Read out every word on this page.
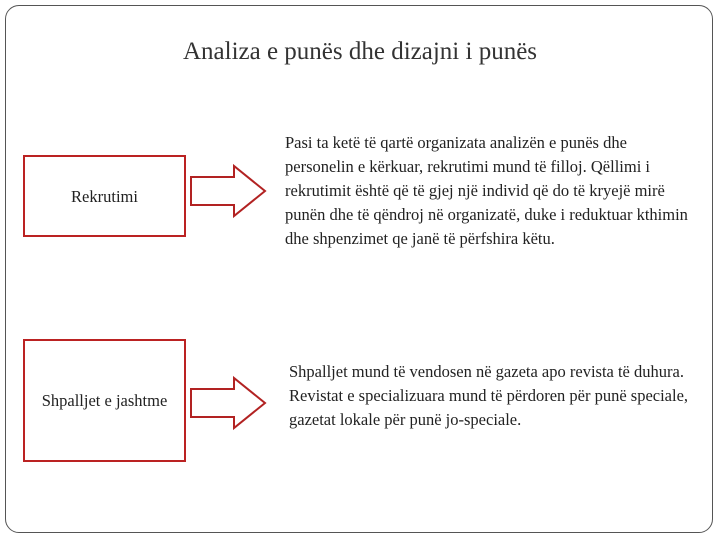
Analiza e punës dhe dizajni i punës
Rekrutimi
Pasi ta ketë të qartë organizata analizën e punës dhe personelin e kërkuar, rekrutimi mund të filloj. Qëllimi i rekrutimit është që të gjej një individ që do të kryejë mirë punën dhe të qëndroj në organizatë, duke i reduktuar kthimin dhe shpenzimet qe janë të përfshira këtu.
Shpalljet e jashtme
Shpalljet mund të vendosen në gazeta apo revista të duhura. Revistat e specializuara mund të përdoren për punë speciale, gazetat lokale për punë jo-speciale.
